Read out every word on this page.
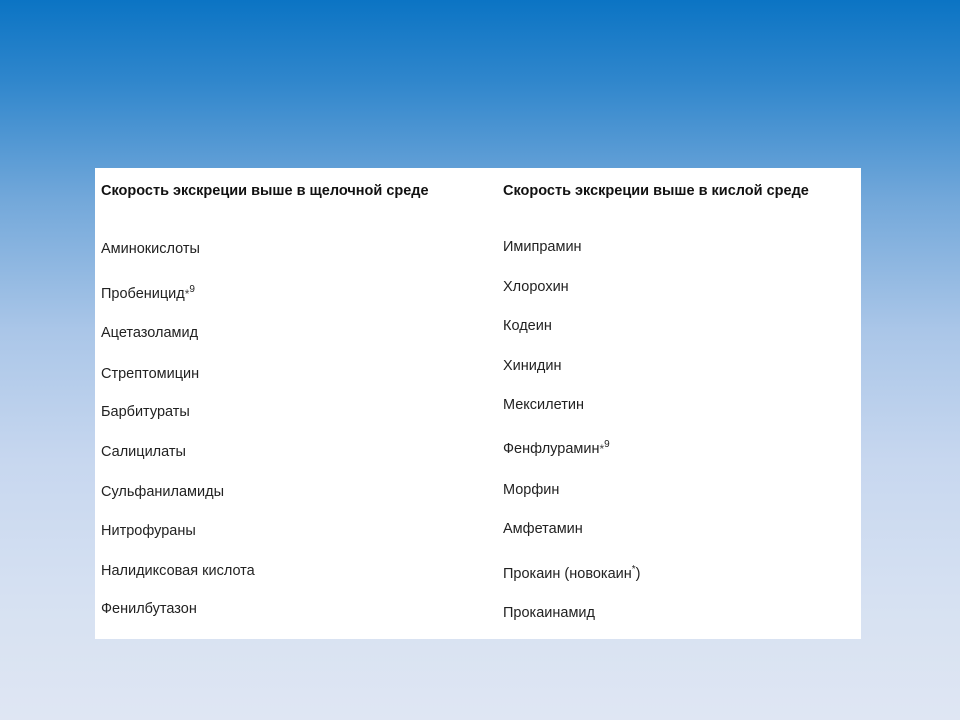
Скорость экскреции выше в щелочной среде	Скорость экскреции выше в кислой среде
Аминокислоты
Пробеницид*$^9$
Ацетазоламид
Стрептомицин
Барбитураты
Салицилаты
Сульфаниламиды
Нитрофураны
Налидиксовая кислота
Фенилбутазон
Имипрамин
Хлорохин
Кодеин
Хинидин
Мексилетин
Фенфлурамин*$^9$
Морфин
Амфетамин
Прокаин (новокаин*)
Прокаинамид
